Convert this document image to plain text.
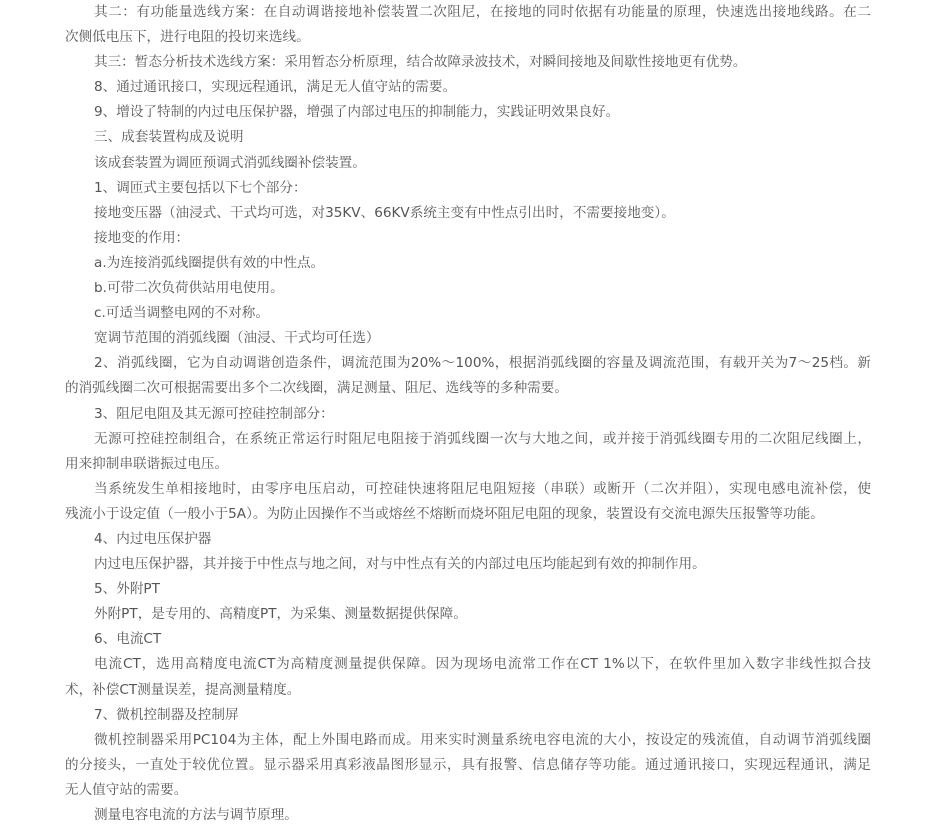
其二：有功能量选线方案：在自动调谐接地补偿装置二次阻尼，在接地的同时依据有功能量的原理，快速选出接地线路。在二
次侧低电压下，进行电阻的投切来选线。
其三：暂态分析技术选线方案：采用暂态分析原理，结合故障录波技术，对瞬间接地及间歇性接地更有优势。
8、通过通讯接口，实现远程通讯，满足无人值守站的需要。
9、增设了特制的内过电压保护器，增强了内部过电压的抑制能力，实践证明效果良好。
三、成套装置构成及说明
该成套装置为调匝预调式消弧线圈补偿装置。
1、调匝式主要包括以下七个部分：
接地变压器（油浸式、干式均可选，对35KV、66KV系统主变有中性点引出时，不需要接地变）。
接地变的作用：
a.为连接消弧线圈提供有效的中性点。
b.可带二次负荷供站用电使用。
c.可适当调整电网的不对称。
宽调节范围的消弧线圈（油浸、干式均可任选）
2、消弧线圈，它为自动调谐创造条件，调流范围为20%～100%，根据消弧线圈的容量及调流范围，有载开关为7～25档。新
的消弧线圈二次可根据需要出多个二次线圈，满足测量、阻尼、选线等的多种需要。
3、阻尼电阻及其无源可控硅控制部分：
无源可控硅控制组合，在系统正常运行时阻尼电阻接于消弧线圈一次与大地之间，或并接于消弧线圈专用的二次阻尼线圈上，
用来抑制串联谐振过电压。
当系统发生单相接地时，由零序电压启动，可控硅快速将阻尼电阻短接（串联）或断开（二次并阻），实现电感电流补偿，使
残流小于设定值（一般小于5A）。为防止因操作不当或熔丝不熔断而烧坏阻尼电阻的现象，装置设有交流电源失压报警等功能。
4、内过电压保护器
内过电压保护器，其并接于中性点与地之间，对与中性点有关的内部过电压均能起到有效的抑制作用。
5、外附PT
外附PT，是专用的、高精度PT，为采集、测量数据提供保障。
6、电流CT
电流CT，选用高精度电流CT为高精度测量提供保障。因为现场电流常工作在CT 1%以下，在软件里加入数字非线性拟合技
术，补偿CT测量误差，提高测量精度。
7、微机控制器及控制屏
微机控制器采用PC104为主体，配上外围电路而成。用来实时测量系统电容电流的大小，按设定的残流值，自动调节消弧线圈
的分接头，一直处于较优位置。显示器采用真彩液晶图形显示，具有报警、信息储存等功能。通过通讯接口，实现远程通讯，满足
无人值守站的需要。
测量电容电流的方法与调节原理。
